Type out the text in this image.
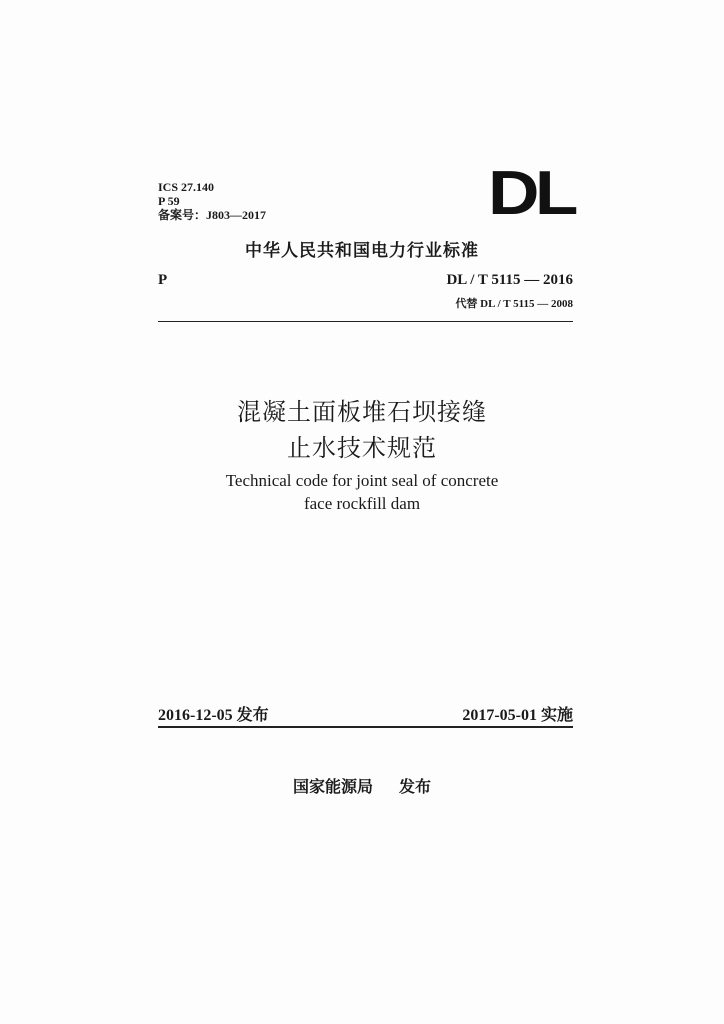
ICS 27.140
P 59
备案号：J803—2017	DL
中华人民共和国电力行业标准
P	DL / T 5115 — 2016
代替 DL / T 5115 — 2008
混凝土面板堆石坝接缝
止水技术规范
Technical code for joint seal of concrete
face rockfill dam
2016-12-05 发布	2017-05-01 实施
国家能源局 发布
